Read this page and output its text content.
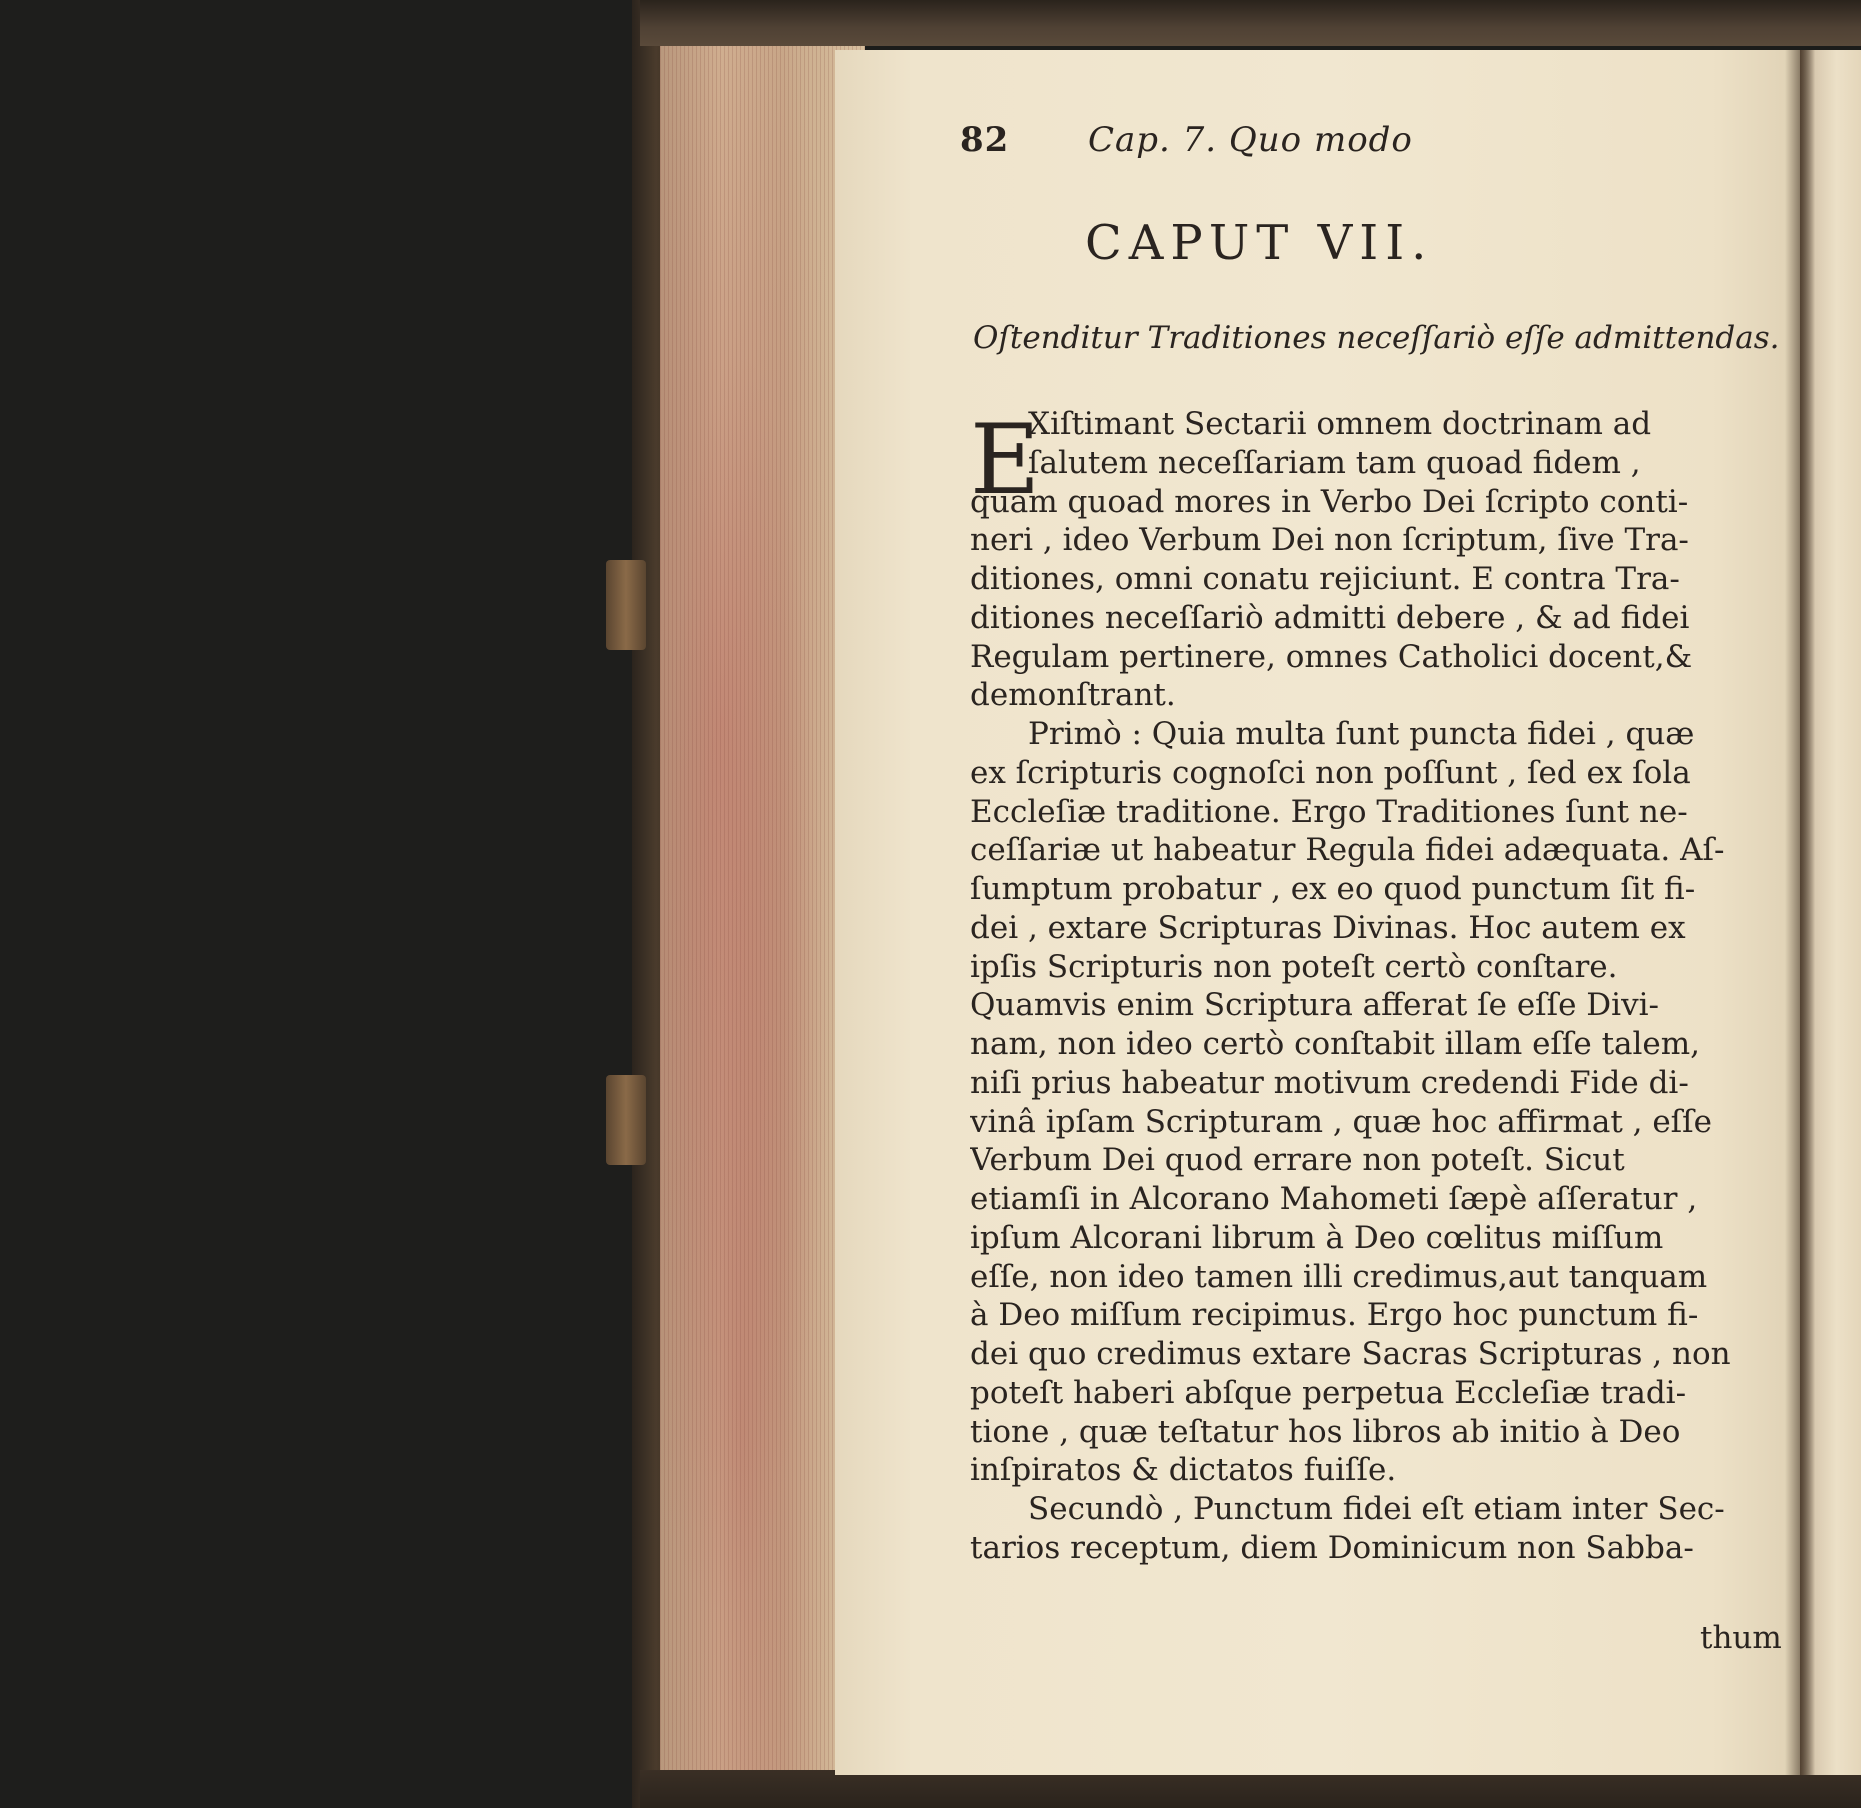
82 Cap. 7. Quo modo
CAPUT VII.
Oſtenditur Traditiones neceſſariò eſſe admittendas.
E
Xiſtimant Sectarii omnem doctrinam ad
ſalutem neceſſariam tam quoad fidem ,
quam quoad mores in Verbo Dei ſcripto conti-
neri , ideo Verbum Dei non ſcriptum, ſive Tra-
ditiones, omni conatu rejiciunt. E contra Tra-
ditiones neceſſariò admitti debere , & ad fidei
Regulam pertinere, omnes Catholici docent,&
demonſtrant.
Primò : Quia multa ſunt puncta fidei , quæ
ex ſcripturis cognoſci non poſſunt , ſed ex ſola
Eccleſiæ traditione. Ergo Traditiones ſunt ne-
ceſſariæ ut habeatur Regula fidei adæquata. Aſ-
ſumptum probatur , ex eo quod punctum ſit fi-
dei , extare Scripturas Divinas. Hoc autem ex
ipſis Scripturis non poteſt certò conſtare.
Quamvis enim Scriptura afferat ſe eſſe Divi-
nam, non ideo certò conſtabit illam eſſe talem,
niſi prius habeatur motivum credendi Fide di-
vinâ ipſam Scripturam , quæ hoc affirmat , eſſe
Verbum Dei quod errare non poteſt. Sicut
etiamſi in Alcorano Mahometi ſæpè aſſeratur ,
ipſum Alcorani librum à Deo cœlitus miſſum
eſſe, non ideo tamen illi credimus,aut tanquam
à Deo miſſum recipimus. Ergo hoc punctum fi-
dei quo credimus extare Sacras Scripturas , non
poteſt haberi abſque perpetua Eccleſiæ tradi-
tione , quæ teſtatur hos libros ab initio à Deo
inſpiratos & dictatos fuiſſe.
Secundò , Punctum fidei eſt etiam inter Sec-
tarios receptum, diem Dominicum non Sabba-
thum
